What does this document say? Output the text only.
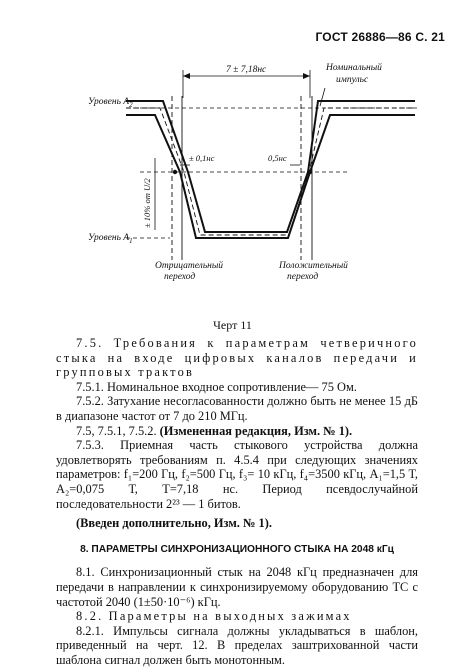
ГОСТ 26886—86 С. 21
Уровень $A_2$
Уровень $A_1$
7 ± 7,18нс
± 0,1нс	0,5нс
± 10% от U/2
Номинальный
импульс
Отрицательный
переход
Положительный
переход
Черт 11

7.5. Требования к параметрам четверичного стыка на входе цифровых каналов передачи и групповых трактов

7.5.1. Номинальное входное сопротивление— 75 Ом.

7.5.2. Затухание несогласованности должно быть не менее 15 дБ в диапазоне частот от 7 до 210 МГц.

7.5, 7.5.1, 7.5.2. (Измененная редакция, Изм. № 1).

7.5.3. Приемная часть стыкового устройства должна удовлетворять требованиям п. 4.5.4 при следующих значениях параметров: f₁=200 Гц, f₂=500 Гц, f₃= 10 кГц, f₄=3500 кГц, A₁=1,5 Т, A₂=0,075 Т, Т=7,18 нс. Период псевдослучайной последовательности 2²³ — 1 битов.

(Введен дополнительно, Изм. № 1).

8. ПАРАМЕТРЫ СИНХРОНИЗАЦИОННОГО СТЫКА НА 2048 кГц

8.1. Синхронизационный стык на 2048 кГц предназначен для передачи в направлении к синхронизируемому оборудованию ТС с частотой 2040 (1±50·10⁻⁶) кГц.

8.2. Параметры на выходных зажимах

8.2.1. Импульсы сигнала должны укладываться в шаблон, приведенный на черт. 12. В пределах заштрихованной части шаблона сигнал должен быть монотонным.
